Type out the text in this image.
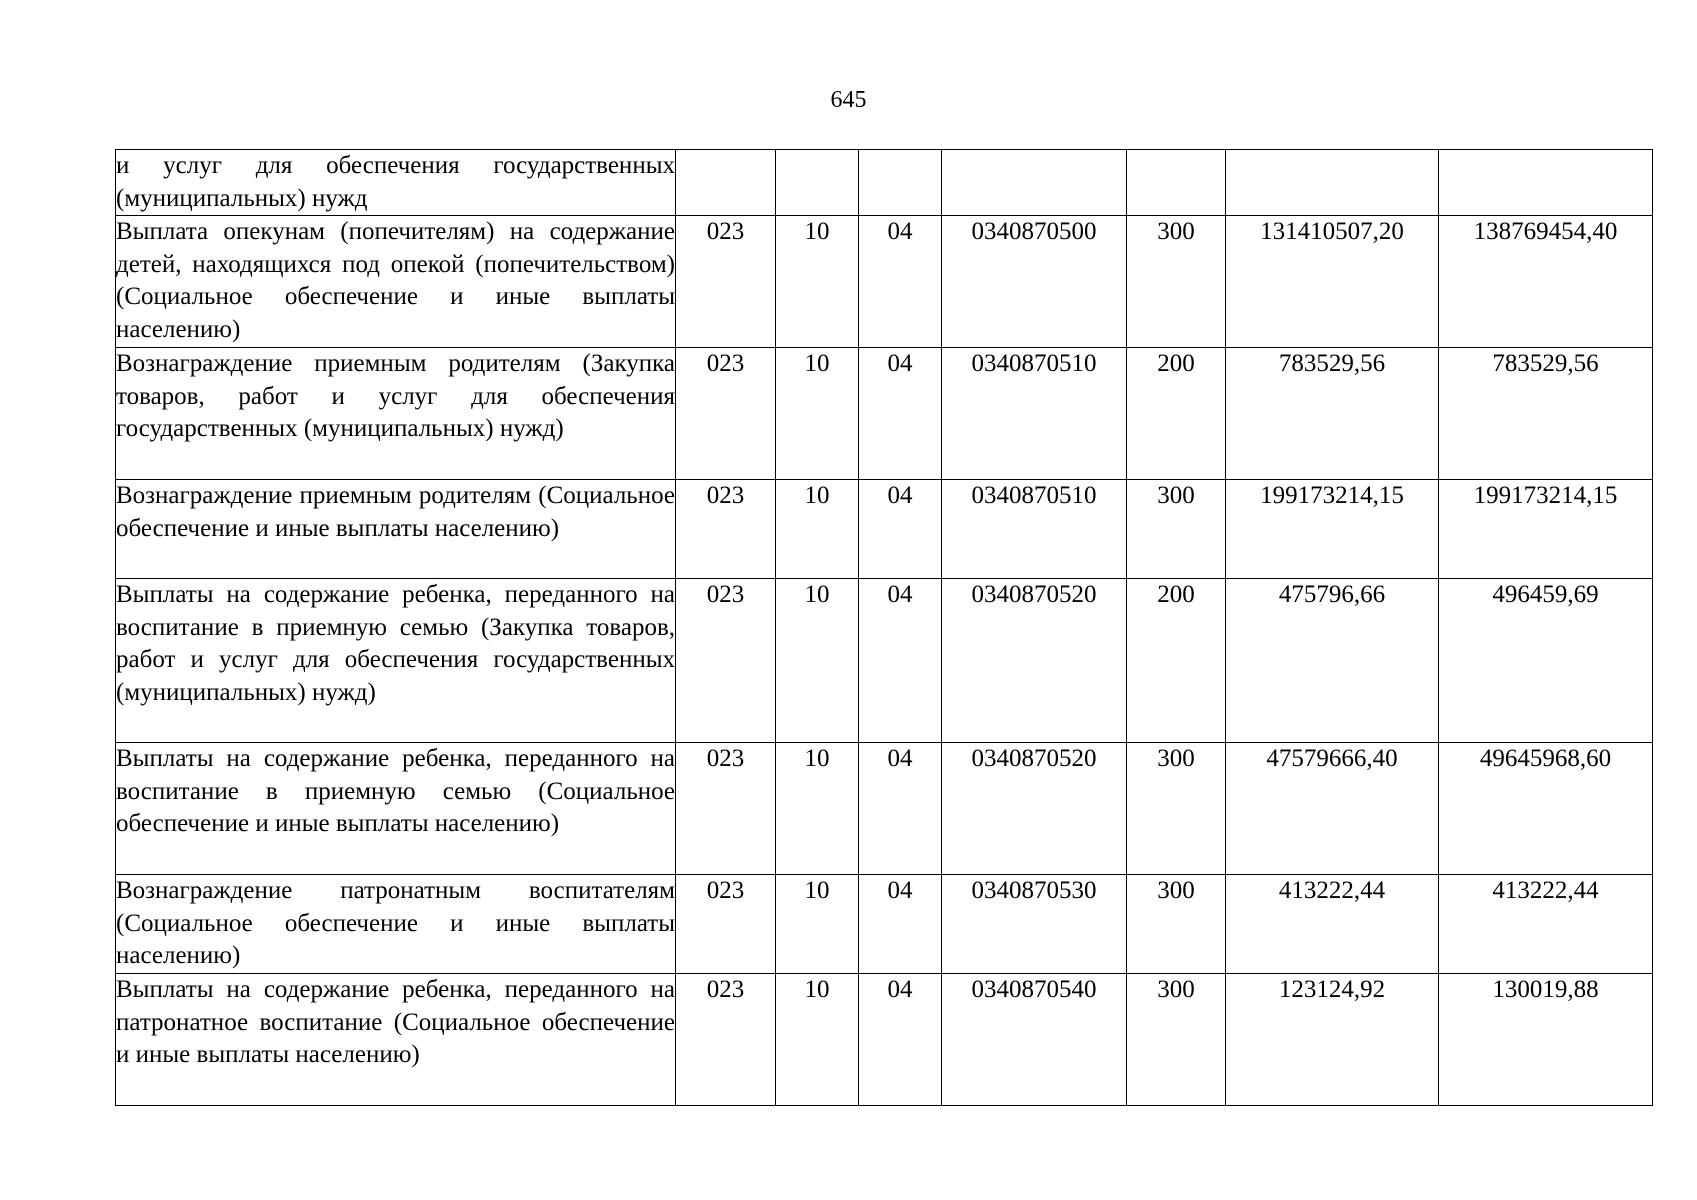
645
и услуг для обеспечения государственных (муниципальных) нужд							
Выплата опекунам (попечителям) на содержание детей, находящихся под опекой (попечительством) (Социальное обеспечение и иные выплаты населению)	023	10	04	0340870500	300	131410507,20	138769454,40
Вознаграждение приемным родителям (Закупка товаров, работ и услуг для обеспечения государственных (муниципальных) нужд)	023	10	04	0340870510	200	783529,56	783529,56
Вознаграждение приемным родителям (Социальное обеспечение и иные выплаты населению)	023	10	04	0340870510	300	199173214,15	199173214,15
Выплаты на содержание ребенка, переданного на воспитание в приемную семью (Закупка товаров, работ и услуг для обеспечения государственных (муниципальных) нужд)	023	10	04	0340870520	200	475796,66	496459,69
Выплаты на содержание ребенка, переданного на воспитание в приемную семью (Социальное обеспечение и иные выплаты населению)	023	10	04	0340870520	300	47579666,40	49645968,60
Вознаграждение патронатным воспитателям (Социальное обеспечение и иные выплаты населению)	023	10	04	0340870530	300	413222,44	413222,44
Выплаты на содержание ребенка, переданного на патронатное воспитание (Социальное обеспечение и иные выплаты населению)	023	10	04	0340870540	300	123124,92	130019,88
